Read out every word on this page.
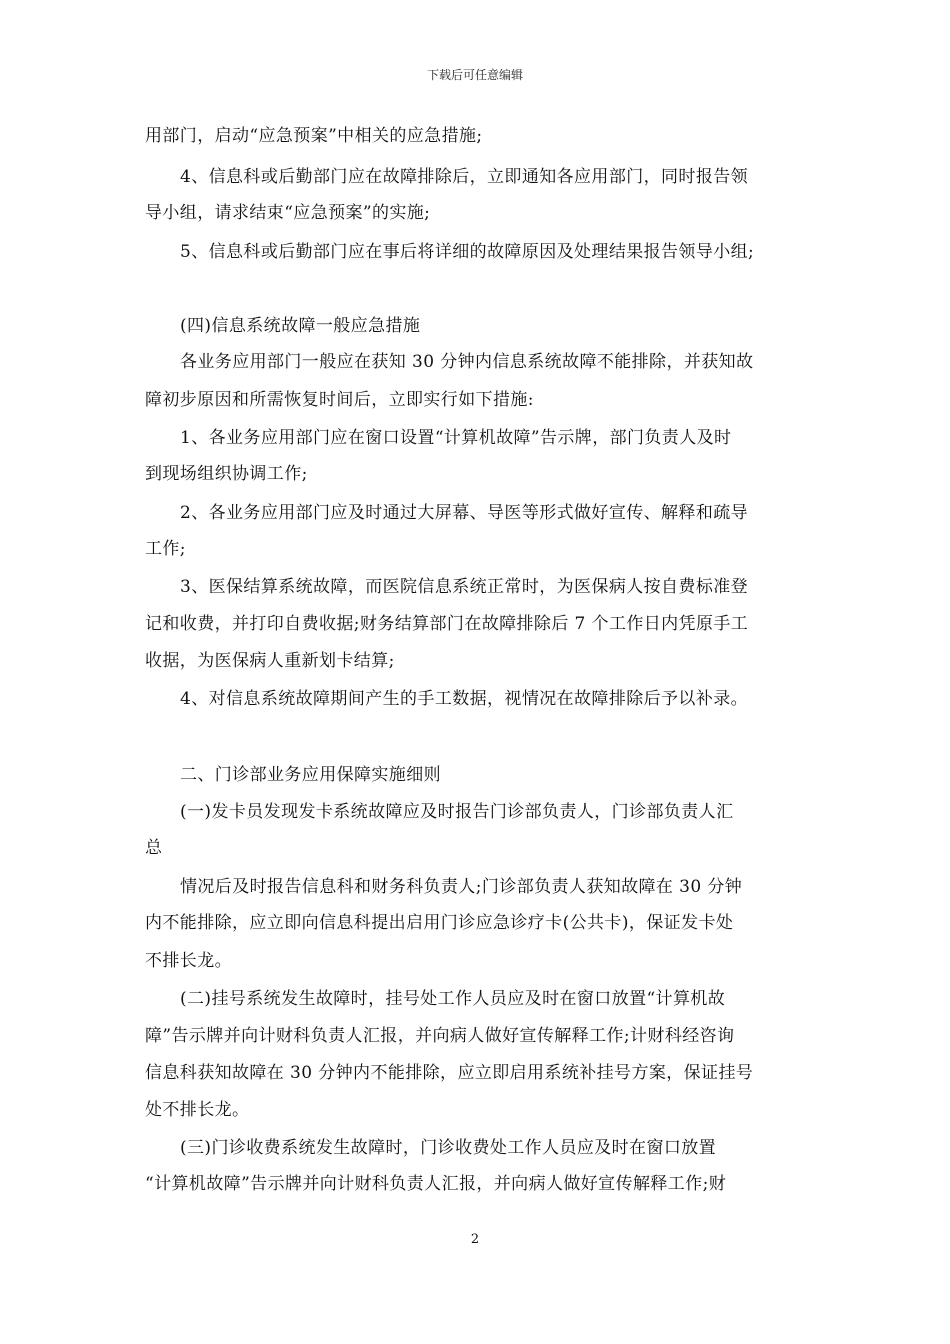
下载后可任意编辑
用部门，启动“应急预案”中相关的应急措施;
4、信息科或后勤部门应在故障排除后，立即通知各应用部门，同时报告领
导小组，请求结束“应急预案”的实施;
5、信息科或后勤部门应在事后将详细的故障原因及处理结果报告领导小组;
(四)信息系统故障一般应急措施
各业务应用部门一般应在获知 30 分钟内信息系统故障不能排除，并获知故
障初步原因和所需恢复时间后，立即实行如下措施:
1、各业务应用部门应在窗口设置“计算机故障”告示牌，部门负责人及时
到现场组织协调工作;
2、各业务应用部门应及时通过大屏幕、导医等形式做好宣传、解释和疏导
工作;
3、医保结算系统故障，而医院信息系统正常时，为医保病人按自费标准登
记和收费，并打印自费收据;财务结算部门在故障排除后 7 个工作日内凭原手工
收据，为医保病人重新划卡结算;
4、对信息系统故障期间产生的手工数据，视情况在故障排除后予以补录。
二、门诊部业务应用保障实施细则
(一)发卡员发现发卡系统故障应及时报告门诊部负责人，门诊部负责人汇
总
情况后及时报告信息科和财务科负责人;门诊部负责人获知故障在 30 分钟
内不能排除，应立即向信息科提出启用门诊应急诊疗卡(公共卡)，保证发卡处
不排长龙。
(二)挂号系统发生故障时，挂号处工作人员应及时在窗口放置“计算机故
障”告示牌并向计财科负责人汇报，并向病人做好宣传解释工作;计财科经咨询
信息科获知故障在 30 分钟内不能排除，应立即启用系统补挂号方案，保证挂号
处不排长龙。
(三)门诊收费系统发生故障时，门诊收费处工作人员应及时在窗口放置
“计算机故障”告示牌并向计财科负责人汇报，并向病人做好宣传解释工作;财
2
